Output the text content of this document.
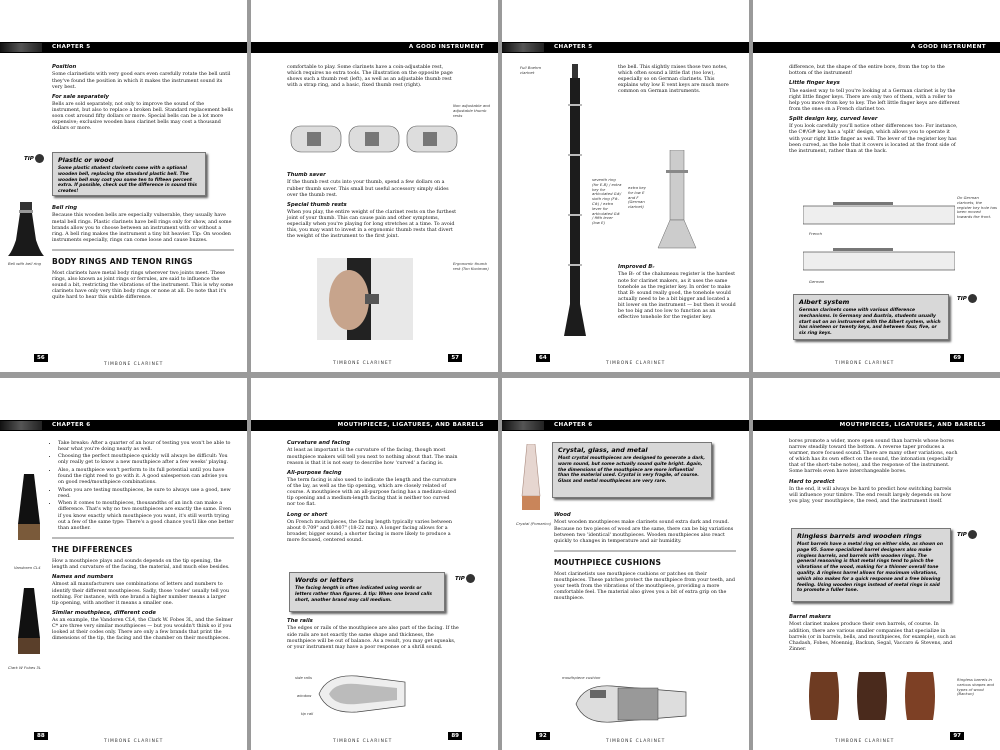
CHAPTER 5
Position

Some clarinetists with very good ears even carefully rotate the bell until they've found the position in which it makes the instrument sound its very best.

For sale separately

Bells are sold separately, not only to improve the sound of the instrument, but also to replace a broken bell. Standard replacement bells soon cost around fifty dollars or more. Special bells can be a lot more expensive; exclusive wooden bass clarinet bells may cost a thousand dollars or more.

TIP	Plastic or wood
Some plastic student clarinets come with a optional wooden bell, replacing the standard plastic bell. The wooden bell may cost you some ten to fifteen percent extra. If possible, check out the difference in sound this creates!
Bell with bell ring
Bell ring

Because this wooden bells are especially vulnerable, they usually have metal bell rings. Plastic clarinets have bell rings only for show, and some brands allow you to choose between an instrument with or without a ring. A bell ring makes the instrument a tiny bit heavier. Tip: On wooden instruments especially, rings can come loose and cause buzzes.

BODY RINGS AND TENON RINGS

Most clarinets have metal body rings wherever two joints meet. These rings, also known as joint rings or ferrules, are said to influence the sound a bit, restricting the vibrations of the instrument. This is why some clarinets have only very thin body rings or none at all. Do note that it's quite hard to hear this subtle difference.

56
A GOOD INSTRUMENT

comfortable to play. Some clarinets have a coin-adjustable rest, which requires no extra tools. The illustration on the opposite page shows such a thumb rest (left), as well as an adjustable thumb rest with a strap ring, and a basic, fixed thumb rest (right).

Non adjustable and adjustable thumb rests
Thumb saver

If the thumb rest cuts into your thumb, spend a few dollars on a rubber thumb saver. This small but useful accessory simply slides over the thumb rest.

Special thumb rests

When you play, the entire weight of the clarinet rests on the furthest joint of your thumb. This can cause pain and other symptoms, especially when you're playing for long stretches at a time. To avoid this, you may want to invest in a ergonomic thumb rests that divert the weight of the instrument to the first joint.

Ergonomic thumb rest (Ton Kooiman)
57
TIMBONE CLARINET
CHAPTER 5
Full Boehm clarinet

the bell. This slightly raises those two notes, which often sound a little flat (too low), especially so on German clarinets. This explains why low E vent keys are much more common on German instruments.

seventh ring (for E-B) / extra key for articulated G#/ sixth ring (F#-C#) / extra lever for articulated G# / fifth lever (low E)
extra key for low E and F (German clarinet)
Improved B♭

The B♭ of the chalumeau register is the hardest note for clarinet makers, as it uses the same tonehole as the register key. In order to make that B♭ sound really good, the tonehole would actually need to be a bit bigger and located a bit lower on the instrument — but then it would be too big and too low to function as an effective tonehole for the register key.

64
TIMBONE CLARINET
A GOOD INSTRUMENT

difference, but the shape of the entire bore, from the top to the bottom of the instrument!

Little finger keys

The easiest way to tell you're looking at a German clarinet is by the right little finger keys. There are only two of them, with a roller to help you move from key to key. The left little finger keys are different from the ones on a French clarinet too.

Split design key, curved lever

If you look carefully you'll notice other differences too: For instance, the C#/G# key has a 'split' design, which allows you to operate it with your right little finger as well. The lever of the register key has been curved, as the hole that it covers is located at the front side of the instrument, rather than at the back.

French
German
On German clarinets, the register key hole has been moved towards the front.
TIP
Albert system
German clarinets come with various difference mechanisms. In Germany and Austria, students usually start out on an instrument with the Albert system, which has nineteen or twenty keys, and between four, five, or six ring keys.
69
TIMBONE CLARINET
CHAPTER 6
• Take breaks: After a quarter of an hour of testing you won't be able to hear what you're doing nearly as well.
• Choosing the perfect mouthpiece quickly will always be difficult: You only really get to know a new mouthpiece after a few weeks' playing.
• Also, a mouthpiece won't perform to its full potential until you have found the right reed to go with it. A good salesperson can advise you on good reed/mouthpiece combinations.
• When you are testing mouthpieces, be sure to always use a good, new reed.
• When it comes to mouthpieces, thousandths of an inch can make a difference. That's why no two mouthpieces are exactly the same. Even if you know exactly which mouthpiece you want, it's still worth trying out a few of the same type: There's a good chance you'll like one better than another.
THE DIFFERENCES

How a mouthpiece plays and sounds depends on the tip opening, the length and curvature of the facing, the material, and much else besides.

Names and numbers

Almost all manufacturers use combinations of letters and numbers to identify their different mouthpieces. Sadly, those 'codes' usually tell you nothing. For instance, with one brand a higher number means a larger tip opening, with another it means a smaller one.

Similar mouthpiece, different code

As an example, the Vandoren CL4, the Clark W. Fobes 3L, and the Selmer C* are three very similar mouthpieces — but you wouldn't think so if you looked at their codes only. There are only a few brands that print the dimensions of the tip, the facing and the chamber on their mouthpieces.

Vandoren CL4
Clark W Fobes 3L
88
TIMBONE CLARINET
MOUTHPIECES, LIGATURES, AND BARRELS
Curvature and facing

At least as important is the curvature of the facing, though most mouthpiece makers will tell you next to nothing about that. The main reason is that it is not easy to describe how 'curved' a facing is.

All-purpose facing

The term facing is also used to indicate the length and the curvature of the lay, as well as the tip opening, which are closely related of course. A mouthpiece with an all-purpose facing has a medium-sized tip opening and a medium-length facing that is neither too curved nor too flat.

Long or short

On French mouthpieces, the facing length typically varies between about 0.709" and 0.807" (18-22 mm). A longer facing allows for a broader, bigger sound; a shorter facing is more likely to produce a more focused, centered sound.

Words or letters
The facing length is often indicated using words or letters rather than figures. A tip: When one brand calls short, another brand may call medium.
TIP
The rails

The edges or rails of the mouthpiece are also part of the facing. If the side rails are not exactly the same shape and thickness, the mouthpiece will be out of balance. As a result, you may get squeaks, or your instrument may have a poor response or a shrill sound.

side rails
window
tip rail
89
TIMBONE CLARINET
CHAPTER 6
Crystal (Pomarico)
Crystal, glass, and metal
Most crystal mouthpieces are designed to generate a dark, warm sound, but some actually sound quite bright. Again, the dimensions of the mouthpiece are more influential than the material used. Crystal is very fragile, of course. Glass and metal mouthpieces are very rare.
Wood

Most wooden mouthpieces make clarinets sound extra dark and round. Because no two pieces of wood are the same, there can be big variations between two 'identical' mouthpieces. Wooden mouthpieces also react quickly to changes in temperature and air humidity.

MOUTHPIECE CUSHIONS

Most clarinetists use mouthpiece cushions or patches on their mouthpieces. These patches protect the mouthpiece from your teeth, and your teeth from the vibrations of the mouthpiece, providing a more comfortable feel. The material also gives you a bit of extra grip on the mouthpiece.

mouthpiece cushion
92
TIMBONE CLARINET
MOUTHPIECES, LIGATURES, AND BARRELS

bores promote a wider, more open sound than barrels whose bores narrow steadily toward the bottom. A reverse taper produces a warmer, more focused sound. There are many other variations, each of which has its own effect on the sound, the intonation (especially that of the short-tube notes), and the response of the instrument. Some barrels even have interchangeable bores.

Hard to predict

In the end, it will always be hard to predict how switching barrels will influence your timbre. The end result largely depends on how you play, your mouthpiece, the reed, and the instrument itself.

Ringless barrels and wooden rings
Most barrels have a metal ring on either side, as shown on page 95. Some specialized barrel designers also make ringless barrels, and barrels with wooden rings. The general reasoning is that metal rings tend to pinch the vibrations of the wood, making for a thinner overall tone quality. A ringless barrel allows for maximum vibrations, which also makes for a quick response and a free blowing feeling. Using wooden rings instead of metal rings is said to promote a fuller tone.
TIP
Barrel makers

Most clarinet makes produce their own barrels, of course. In addition, there are various smaller companies that specialize in barrels (or in barrels, bells, and mouthpieces, for example), such as Chadash, Fobes, Moennig, Backun, Segal, Vaccaro & Stevens, and Zinner.

Ringless barrels in various shapes and types of wood (Backun)
97
TIMBONE CLARINET
TIMBONE CLARINET
